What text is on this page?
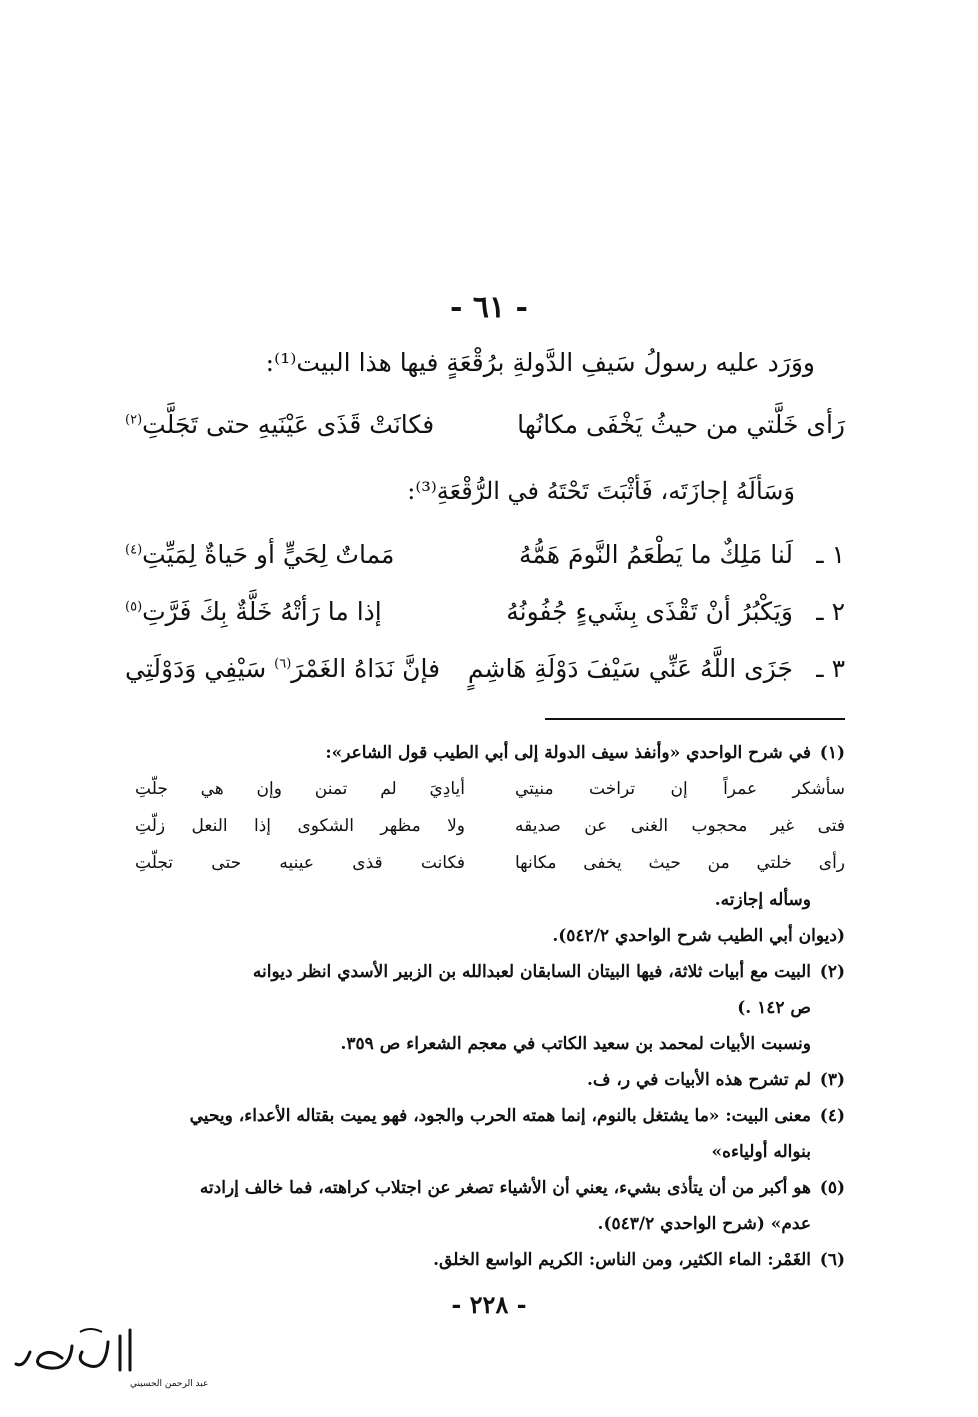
- ٦١ -
ووَرَد عليه رسولُ سَيفِ الدَّولةِ برُقْعَةٍ فيها هذا البيت⁽¹⁾:
رَأى خَلَّتي من حيثُ يَخْفَى مكانُها
فكانَتْ قَذَى عَيْنَيهِ حتى تَجَلَّتِ$^{(٢)}$
وَسَألَهُ إجازَتَه، فَأثْبَتَ تَحْتَهُ في الرُّقْعَةِ⁽³⁾:
١ ـ
لَنا مَلِكٌ ما يَطْعَمُ النَّومَ هَمُّهُ
مَماتٌ لِحَيٍّ أو حَياةٌ لِمَيِّتِ$^{(٤)}$
٢ ـ
وَيَكْبُرُ أنْ تَقْذَى بِشَيءٍ جُفُونُهُ
إذا ما رَأتْهُ خَلَّةٌ بِكَ فَرَّتِ$^{(٥)}$
٣ ـ
جَزَى اللَّهُ عَنِّي سَيْفَ دَوْلَةِ هَاشِمٍ
فإنَّ نَدَاهُ الغَمْرَ$^{(٦)}$ سَيْفِي وَدَوْلَتِي
(١)في شرح الواحدي «وأنفذ سيف الدولة إلى أبي الطيب قول الشاعر»:
سأشكر عمراً إن تراخت منيتي
أيادِيَ لم تمنن وإن هي جلّتِ
فتى غير محجوب الغنى عن صديقه
ولا مظهر الشكوى إذا النعل زلّتِ
رأى خلتي من حيث يخفى مكانها
فكانت قذى عينيه حتى تجلّتِ
وسأله إجازته.
(ديوان أبي الطيب شرح الواحدي ٥٤٢/٢).
(٢)البيت مع أبيات ثلاثة، فيها البيتان السابقان لعبدالله بن الزبير الأسدي انظر ديوانه
ص ١٤٢ .)
ونسبت الأبيات لمحمد بن سعيد الكاتب في معجم الشعراء ص ٣٥٩.
(٣)لم تشرح هذه الأبيات في ر، ف.
(٤)معنى البيت: «ما يشتغل بالنوم، إنما همته الحرب والجود، فهو يميت بقتاله الأعداء، ويحيي
بنواله أولياءه»
(٥)هو أكبر من أن يتأذى بشيء، يعني أن الأشياء تصغر عن اجتلاب كراهته، فما خالف إرادته
عدم» (شرح الواحدي ٥٤٣/٢).
(٦)الغَمْر: الماء الكثير، ومن الناس: الكريم الواسع الخلق.
- ٢٢٨ -
عبد الرحمن الحسيني
